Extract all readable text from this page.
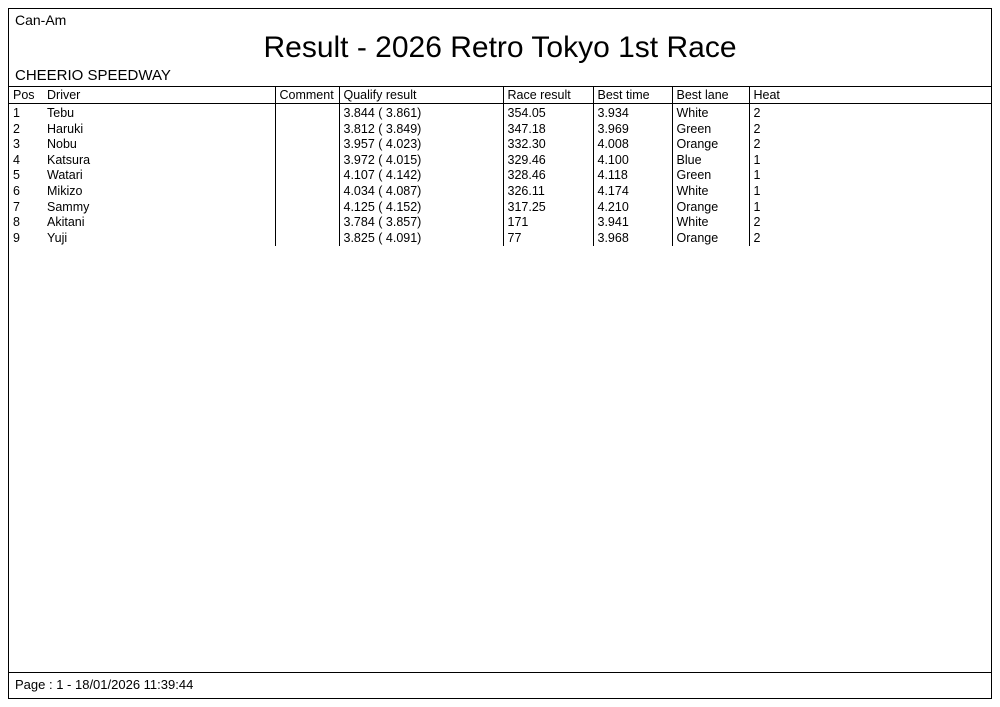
Can-Am
Result - 2026 Retro Tokyo 1st Race
CHEERIO SPEEDWAY
Pos	Driver	Comment	Qualify result	Race result	Best time	Best lane	Heat
1	Tebu		3.844 ( 3.861)	354.05	3.934	White	2
2	Haruki		3.812 ( 3.849)	347.18	3.969	Green	2
3	Nobu		3.957 ( 4.023)	332.30	4.008	Orange	2
4	Katsura		3.972 ( 4.015)	329.46	4.100	Blue	1
5	Watari		4.107 ( 4.142)	328.46	4.118	Green	1
6	Mikizo		4.034 ( 4.087)	326.11	4.174	White	1
7	Sammy		4.125 ( 4.152)	317.25	4.210	Orange	1
8	Akitani		3.784 ( 3.857)	171	3.941	White	2
9	Yuji		3.825 ( 4.091)	77	3.968	Orange	2
Page : 1 - 18/01/2026 11:39:44
